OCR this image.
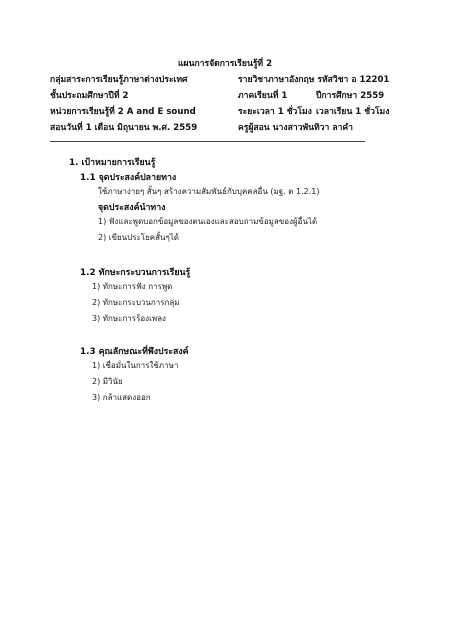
แผนการจัดการเรียนรู้ที่ 2
กลุ่มสาระการเรียนรู้ภาษาต่างประเทศ
ชั้นประถมศึกษาปีที่ 2
หน่วยการเรียนรู้ที่ 2 A and E sound
สอนวันที่ 1 เดือน มิถุนายน พ.ศ. 2559
รายวิชาภาษาอังกฤษ รหัสวิชา อ 12201
ภาคเรียนที่ 1
ระยะเวลา 1 ชั่วโมง
ครูผู้สอน นางสาวพันทิวา ลาคำ
ปีการศึกษา 2559
เวลาเรียน 1 ชั่วโมง
1. เป้าหมายการเรียนรู้
1.1 จุดประสงค์ปลายทาง
ใช้ภาษาง่ายๆ สั้นๆ สร้างความสัมพันธ์กับบุคคลอื่น (มฐ. ต 1.2.1)
จุดประสงค์นำทาง
1) ฟังและพูดบอกข้อมูลของตนเองและสอบถามข้อมูลของผู้อื่นได้
2) เขียนประโยคสั้นๆได้
1.2 ทักษะกระบวนการเรียนรู้
1) ทักษะการฟัง การพูด
2) ทักษะกระบวนการกลุ่ม
3) ทักษะการร้องเพลง
1.3 คุณลักษณะที่พึงประสงค์
1) เชื่อมั่นในการใช้ภาษา
2) มีวินัย
3) กล้าแสดงออก
